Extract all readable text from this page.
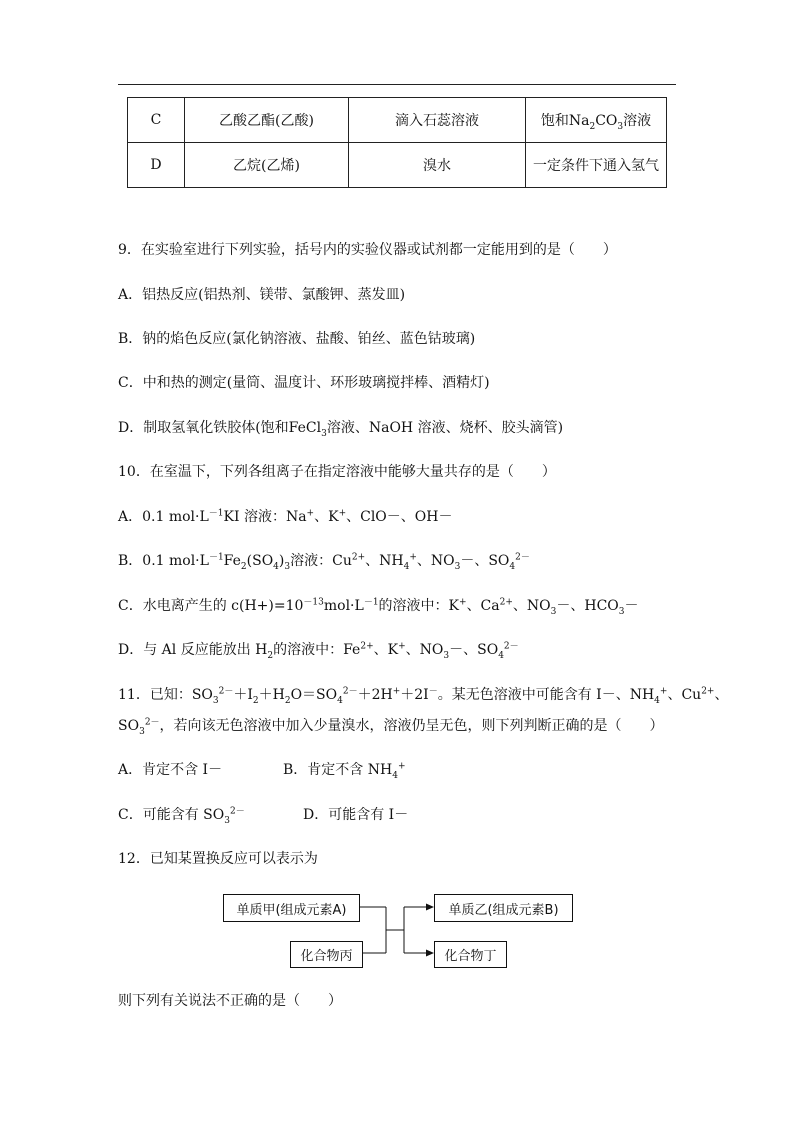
C	乙酸乙酯(乙酸)	滴入石蕊溶液	饱和$Na_2CO_3$溶液
D	乙烷(乙烯)	溴水	一定条件下通入氢气
9．在实验室进行下列实验，括号内的实验仪器或试剂都一定能用到的是（　　）
A．铝热反应(铝热剂、镁带、氯酸钾、蒸发皿)
B．钠的焰色反应(氯化钠溶液、盐酸、铂丝、蓝色钴玻璃)
C．中和热的测定(量筒、温度计、环形玻璃搅拌棒、酒精灯)
D．制取氢氧化铁胶体(饱和FeCl$_3$溶液、NaOH 溶液、烧杯、胶头滴管)
10．在室温下，下列各组离子在指定溶液中能够大量共存的是（　　）
A．0.1 $mol\cdot L^{-1}KI$ 溶液：Na+、K+、ClO－、OH－
B．0.1 $mol\cdot L^{-1}Fe_2(SO_4)_3$溶液：$Cu^{2+}$、$NH_4^+$、$NO_3-$、$SO_4^{2-}$
C．水电离产生的 $c(H+)=10^{-13}mol\cdot L^{-1}$的溶液中：K+、$Ca^{2+}$、$NO_3-$、$HCO_3-$
D．与 Al 反应能放出 $H_2$的溶液中：$Fe^{2+}$、K+、$NO_3-$、$SO_4^{2-}$
11．已知：$SO_3^{2-}+I_2+H_2O=SO_4^{2-}+2H^++2I^-$。某无色溶液中可能含有 I－、$NH_4^+$、$Cu^{2+}$、
$SO_3^{2-}$，若向该无色溶液中加入少量溴水，溶液仍呈无色，则下列判断正确的是（　　）
A．肯定不含 I－	B．肯定不含 $NH_4^+$
C．可能含有 $SO_3^{2-}$	D．可能含有 I－
12．已知某置换反应可以表示为
单质甲(组成元素A)
化合物丙
单质乙(组成元素B)
化合物丁
则下列有关说法不正确的是（　　）
